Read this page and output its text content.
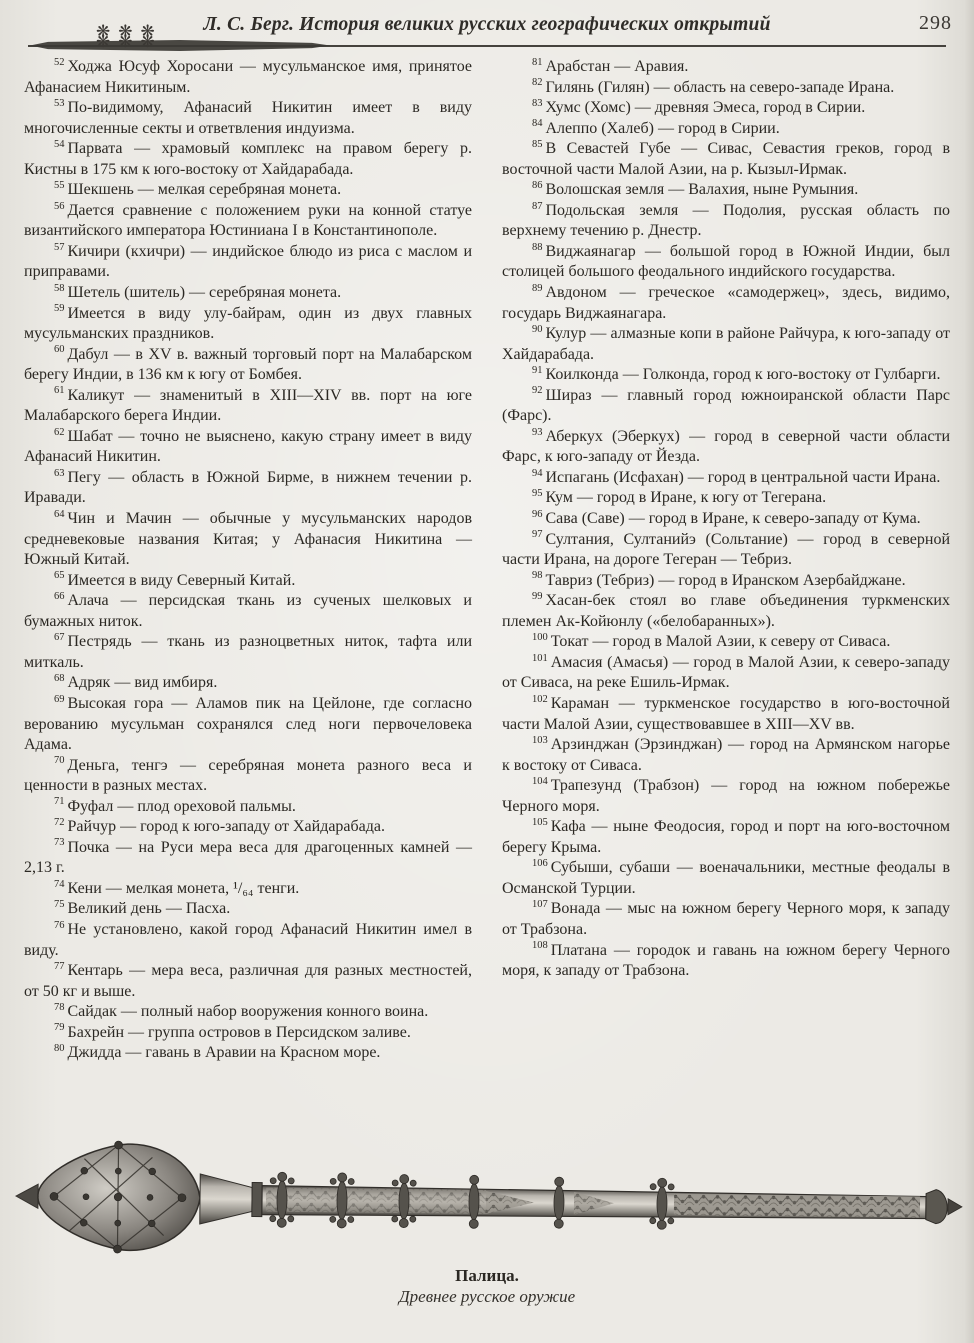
Л. С. Берг. История великих русских географических открытий	298
❋❋❋

$^{52}$ Ходжа Юсуф Хоросани — мусульманское имя, принятое Афанасием Никитиным.

$^{53}$ По-видимому, Афанасий Никитин имеет в виду многочисленные секты и ответвления индуизма.

$^{54}$ Парвата — храмовый комплекс на правом берегу р. Кистны в 175 км к юго-востоку от Хайдарабада.

$^{55}$ Шекшень — мелкая серебряная монета.

$^{56}$ Дается сравнение с положением руки на конной статуе византийского императора Юстиниана I в Константинополе.

$^{57}$ Кичири (кхичри) — индийское блюдо из риса с маслом и приправами.

$^{58}$ Шетель (шитель) — серебряная монета.

$^{59}$ Имеется в виду улу-байрам, один из двух главных мусульманских праздников.

$^{60}$ Дабул — в XV в. важный торговый порт на Малабарском берегу Индии, в 136 км к югу от Бомбея.

$^{61}$ Каликут — знаменитый в XIII—XIV вв. порт на юге Малабарского берега Индии.

$^{62}$ Шабат — точно не выяснено, какую страну имеет в виду Афанасий Никитин.

$^{63}$ Пегу — область в Южной Бирме, в нижнем течении р. Иравади.

$^{64}$ Чин и Мачин — обычные у мусульманских народов средневековые названия Китая; у Афанасия Никитина — Южный Китай.

$^{65}$ Имеется в виду Северный Китай.

$^{66}$ Алача — персидская ткань из сученых шелковых и бумажных ниток.

$^{67}$ Пестрядь — ткань из разноцветных ниток, тафта или миткаль.

$^{68}$ Адряк — вид имбиря.

$^{69}$ Высокая гора — Аламов пик на Цейлоне, где согласно верованию мусульман сохранялся след ноги первочеловека Адама.

$^{70}$ Деньга, тенгэ — серебряная монета разного веса и ценности в разных местах.

$^{71}$ Фуфал — плод ореховой пальмы.

$^{72}$ Райчур — город к юго-западу от Хайдарабада.

$^{73}$ Почка — на Руси мера веса для драгоценных камней — 2,13 г.

$^{74}$ Кени — мелкая монета, ¹/₆₄ тенги.

$^{75}$ Великий день — Пасха.

$^{76}$ Не установлено, какой город Афанасий Никитин имел в виду.

$^{77}$ Кентарь — мера веса, различная для разных местностей, от 50 кг и выше.

$^{78}$ Сайдак — полный набор вооружения конного воина.

$^{79}$ Бахрейн — группа островов в Персидском заливе.

$^{80}$ Джидда — гавань в Аравии на Красном море.

$^{81}$ Арабстан — Аравия.

$^{82}$ Гилянь (Гилян) — область на северо-западе Ирана.

$^{83}$ Хумс (Хомс) — древняя Эмеса, город в Сирии.

$^{84}$ Алеппо (Халеб) — город в Сирии.

$^{85}$ В Севастей Губе — Сивас, Севастия греков, город в восточной части Малой Азии, на р. Кызыл-Ирмак.

$^{86}$ Волошская земля — Валахия, ныне Румыния.

$^{87}$ Подольская земля — Подолия, русская область по верхнему течению р. Днестр.

$^{88}$ Виджаянагар — большой город в Южной Индии, был столицей большого феодального индийского государства.

$^{89}$ Авдоном — греческое «самодержец», здесь, видимо, государь Виджаянагара.

$^{90}$ Кулур — алмазные копи в районе Райчура, к юго-западу от Хайдарабада.

$^{91}$ Коилконда — Голконда, город к юго-востоку от Гулбарги.

$^{92}$ Шираз — главный город южноиранской области Парс (Фарс).

$^{93}$ Аберкух (Эберкух) — город в северной части области Фарс, к юго-западу от Йезда.

$^{94}$ Испагань (Исфахан) — город в центральной части Ирана.

$^{95}$ Кум — город в Иране, к югу от Тегерана.

$^{96}$ Сава (Саве) — город в Иране, к северо-западу от Кума.

$^{97}$ Султания, Султанийэ (Сольтание) — город в северной части Ирана, на дороге Тегеран — Тебриз.

$^{98}$ Тавриз (Тебриз) — город в Иранском Азербайджане.

$^{99}$ Хасан-бек стоял во главе объединения туркменских племен Ак-Койюнлу («белобаранных»).

$^{100}$ Токат — город в Малой Азии, к северу от Сиваса.

$^{101}$ Амасия (Амасья) — город в Малой Азии, к северо-западу от Сиваса, на реке Ешиль-Ирмак.

$^{102}$ Караман — туркменское государство в юго-восточной части Малой Азии, существовавшее в XIII—XV вв.

$^{103}$ Арзинджан (Эрзинджан) — город на Армянском нагорье к востоку от Сиваса.

$^{104}$ Трапезунд (Трабзон) — город на южном побережье Черного моря.

$^{105}$ Кафа — ныне Феодосия, город и порт на юго-восточном берегу Крыма.

$^{106}$ Субыши, субаши — военачальники, местные феодалы в Османской Турции.

$^{107}$ Вонада — мыс на южном берегу Черного моря, к западу от Трабзона.

$^{108}$ Платана — городок и гавань на южном берегу Черного моря, к западу от Трабзона.

Палица.
Древнее русское оружие
